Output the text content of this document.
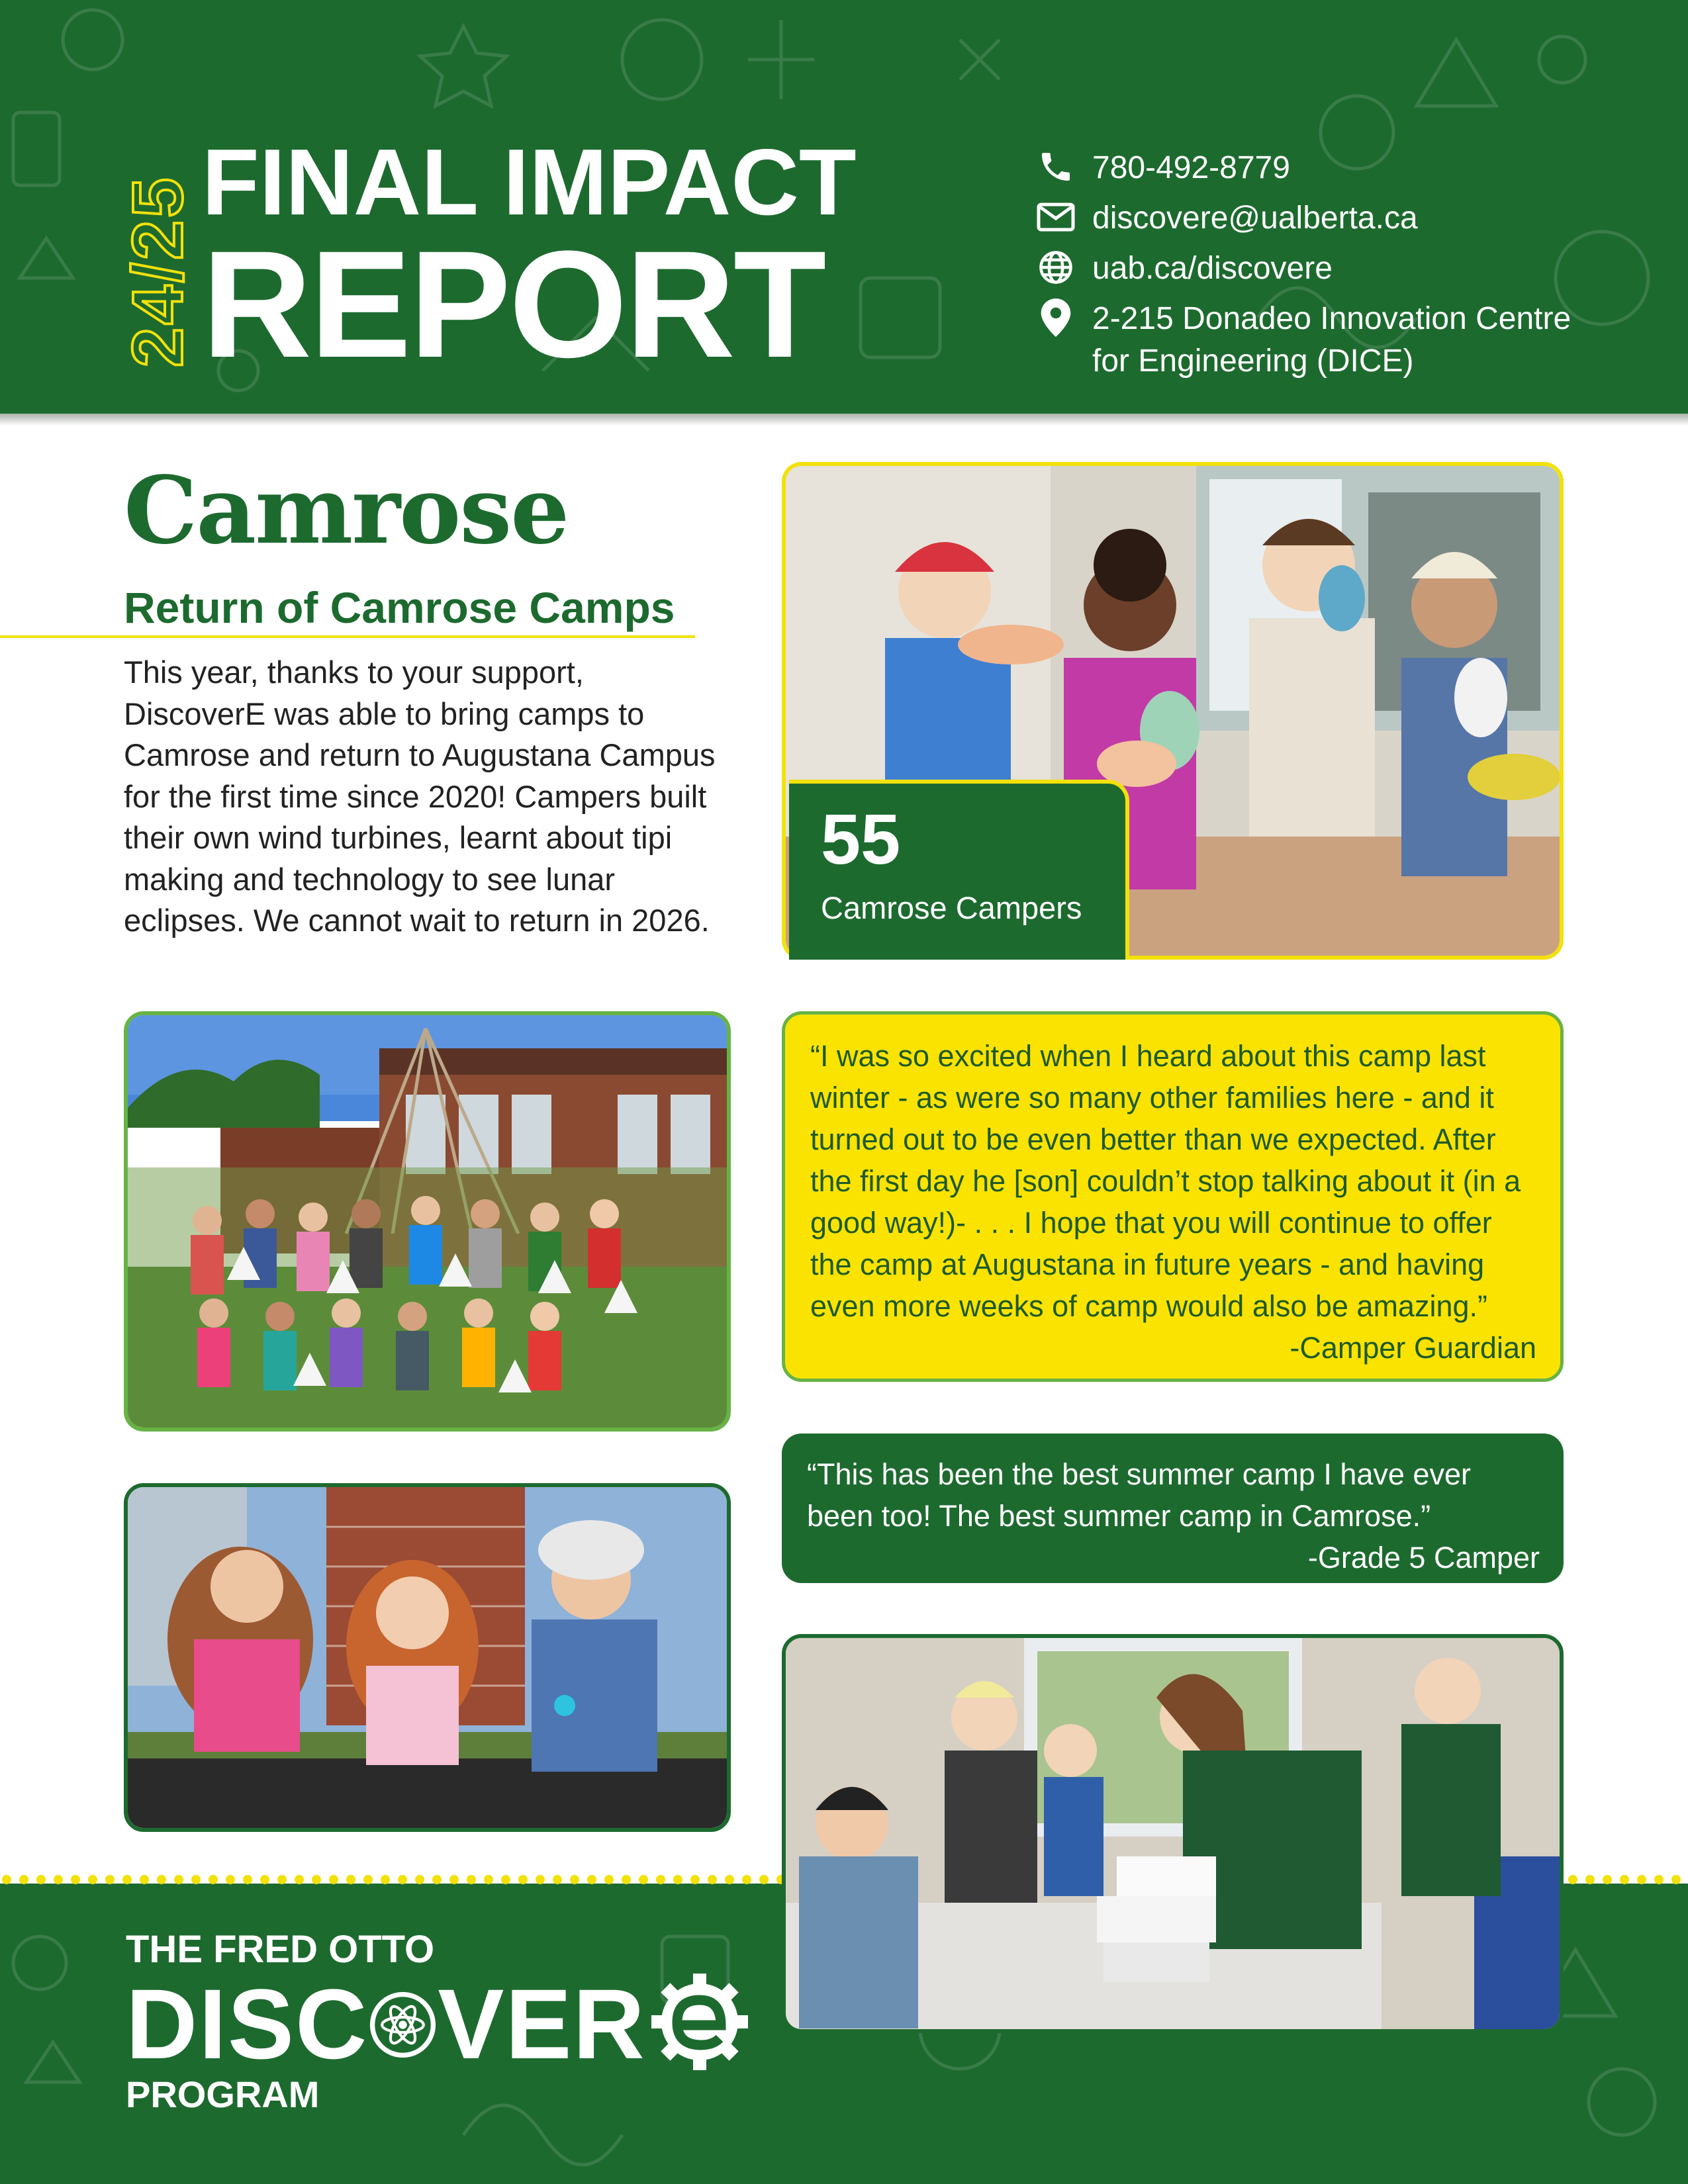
24/25 FINAL IMPACT
REPORT
780-492-8779
discovere@ualberta.ca
uab.ca/discovere
2-215 Donadeo Innovation Centre
for Engineering (DICE)
Camrose
Return of Camrose Camps
This year, thanks to your support, DiscoverE was able to bring camps to Camrose and return to Augustana Campus for the first time since 2020! Campers built their own wind turbines, learnt about tipi making and technology to see lunar eclipses. We cannot wait to return in 2026.
55
Camrose Campers
“I was so excited when I heard about this camp last winter - as were so many other families here - and it turned out to be even better than we expected. After the first day he [son] couldn’t stop talking about it (in a good way!)- . . . I hope that you will continue to offer the camp at Augustana in future years - and having even more weeks of camp would also be amazing.”
-Camper Guardian
“This has been the best summer camp I have ever been too! The best summer camp in Camrose.”
-Grade 5 Camper
THE FRED OTTO
DISC VER
PROGRAM
